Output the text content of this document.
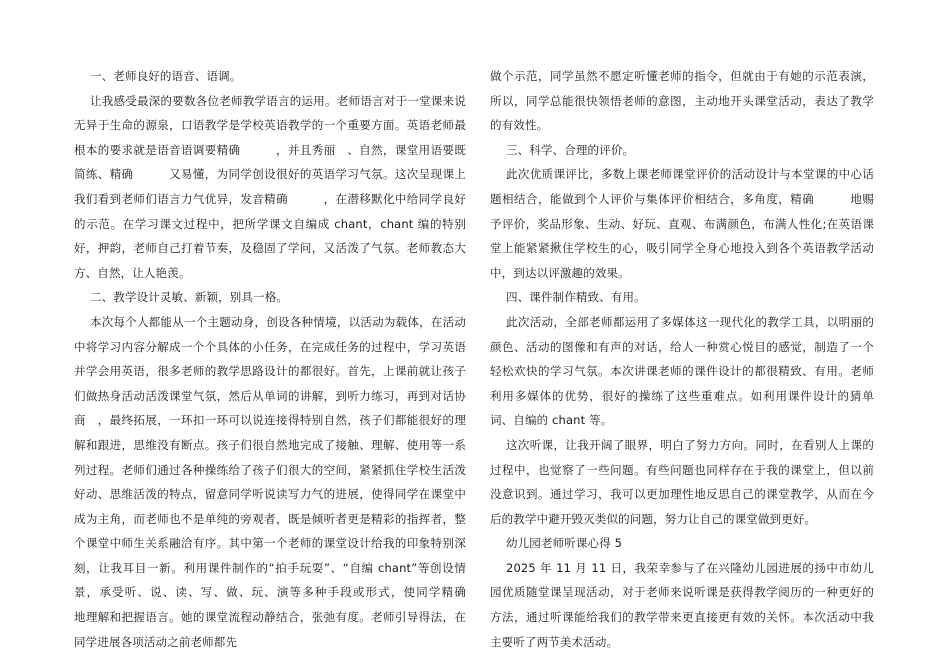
一、老师良好的语音、语调。

让我感受最深的要数各位老师教学语言的运用。老师语言对于一堂课来说无异于生命的源泉，口语教学是学校英语教学的一个重要方面。英语老师最根本的要求就是语音语调要精确　　　，并且秀丽　、自然，课堂用语要既简练、精确　　　又易懂，为同学创设很好的英语学习气氛。这次呈现课上我们看到老师们语言力气优异，发音精确　　　，在潜移默化中给同学良好的示范。在学习课文过程中，把所学课文自编成 chant，chant 编的特别好，押韵，老师自己打着节奏，及稳固了学问，又活泼了气氛。老师教态大方、自然，让人艳羡。

二、教学设计灵敏、新颖，别具一格。

本次每个人都能从一个主题动身，创设各种情境，以活动为载体，在活动中将学习内容分解成一个个具体的小任务，在完成任务的过程中，学习英语并学会用英语，很多老师的教学思路设计的都很好。首先，上课前就让孩子们做热身活动活泼课堂气氛，然后从单词的讲解，到听力练习，再到对话协商　，最终拓展，一环扣一环可以说连接得特别自然，孩子们都能很好的理解和跟进，思维没有断点。孩子们很自然地完成了接触、理解、使用等一系列过程。老师们通过各种操练给了孩子们很大的空间，紧紧抓住学校生活泼好动、思维活泼的特点，留意同学听说读写力气的进展，使得同学在课堂中成为主角，而老师也不是单纯的旁观者，既是倾听者更是精彩的指挥者，整个课堂中师生关系融洽有序。其中第一个老师的课堂设计给我的印象特别深刻，让我耳目一新。利用课件制作的“拍手玩耍”、“自编 chant”等创设情景，承受听、说、读、写、做、玩、演等多种手段或形式，使同学精确　　地理解和把握语言。她的课堂流程动静结合，张弛有度。老师引导得法，在同学进展各项活动之前老师都先

做个示范，同学虽然不愿定听懂老师的指令，但就由于有她的示范表演，所以，同学总能很快领悟老师的意图，主动地开头课堂活动，表达了教学的有效性。

三、科学、合理的评价。

此次优质课评比，多数上课老师课堂评价的活动设计与本堂课的中心话题相结合，能做到个人评价与集体评价相结合，多角度，精确　　　地赐予评价，奖品形象、生动、好玩、直观、布满颜色，布满人性化;在英语课堂上能紧紧揪住学校生的心，吸引同学全身心地投入到各个英语教学活动中，到达以评激趣的效果。

四、课件制作精致、有用。

此次活动，全部老师都运用了多媒体这一现代化的教学工具，以明丽的颜色、活动的图像和有声的对话，给人一种赏心悦目的感觉，制造了一个轻松欢快的学习气氛。本次讲课老师的课件设计的都很精致、有用。老师利用多媒体的优势，很好的操练了这些重难点。如利用课件设计的猜单词、自编的 chant 等。

这次听课，让我开阔了眼界，明白了努力方向。同时，在看别人上课的过程中，也觉察了一些问题。有些问题也同样存在于我的课堂上，但以前没意识到。通过学习，我可以更加理性地反思自己的课堂教学，从而在今后的教学中避开毁灭类似的问题，努力让自己的课堂做到更好。

幼儿园老师听课心得 5

2025 年 11 月 11 日，我荣幸参与了在兴隆幼儿园进展的扬中市幼儿园优质随堂课呈现活动，对于老师来说听课是获得教学阅历的一种更好的方法，通过听课能给我们的教学带来更直接更有效的关怀。本次活动中我主要听了两节美术活动。
